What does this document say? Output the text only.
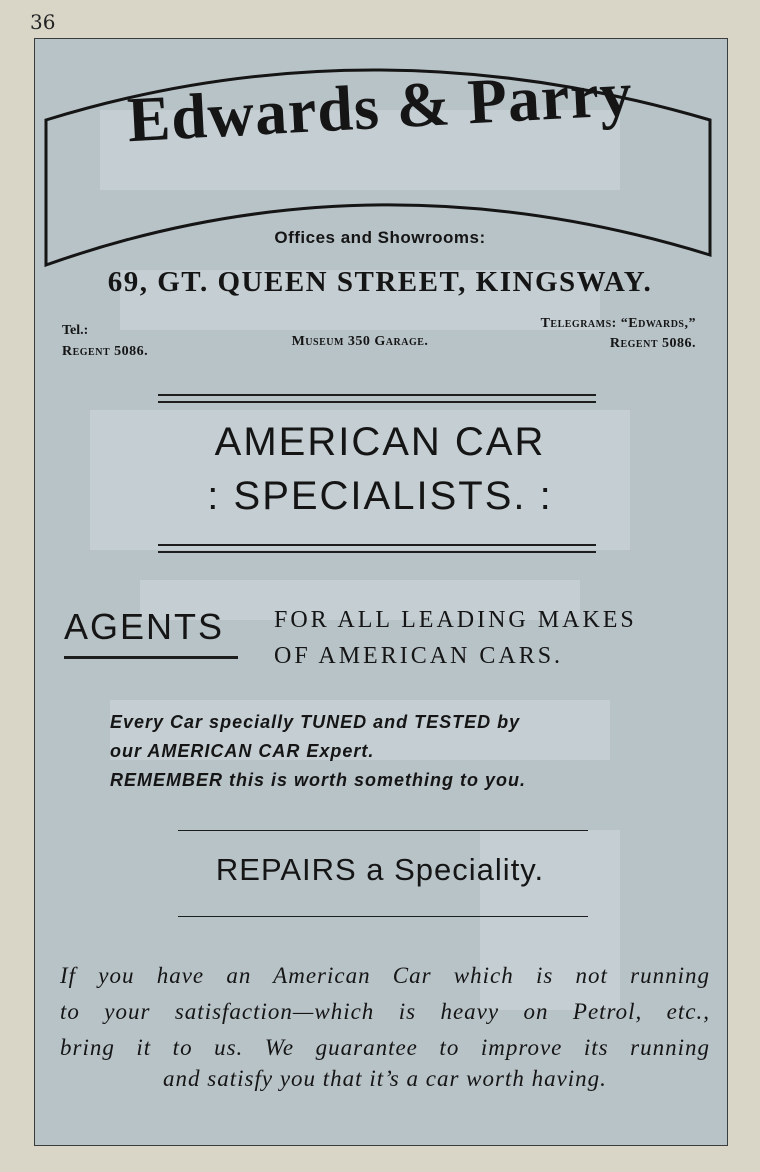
36
Edwards & Parry
Offices and Showrooms:
69, GT. QUEEN STREET, KINGSWAY.
Tel.:
Regent 5086.
Museum 350 Garage.
Telegrams: “Edwards,”
Regent 5086.
AMERICAN CAR
: SPECIALISTS. :
AGENTS FOR ALL LEADING MAKES
OF AMERICAN CARS.
Every Car specially TUNED and TESTED by
our AMERICAN CAR Expert.
REMEMBER this is worth something to you.
REPAIRS a Speciality.
If you have an American Car which is not running
to your satisfaction—which is heavy on Petrol, etc.,
bring it to us. We guarantee to improve its running
and satisfy you that it’s a car worth having.
